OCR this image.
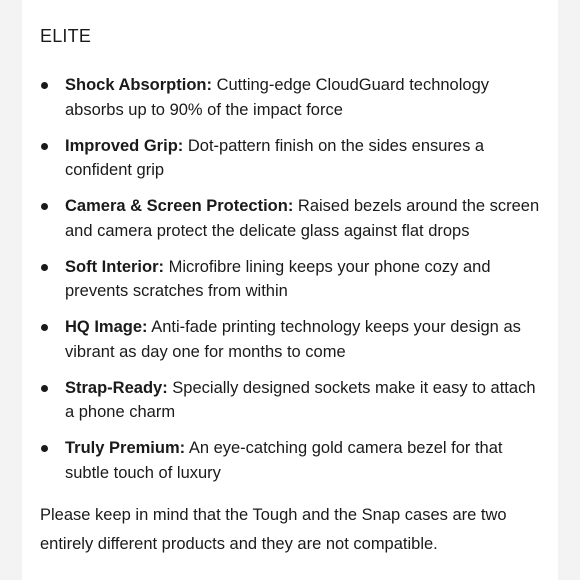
ELITE
Shock Absorption: Cutting-edge CloudGuard technology absorbs up to 90% of the impact force
Improved Grip: Dot-pattern finish on the sides ensures a confident grip
Camera & Screen Protection: Raised bezels around the screen and camera protect the delicate glass against flat drops
Soft Interior: Microfibre lining keeps your phone cozy and prevents scratches from within
HQ Image: Anti-fade printing technology keeps your design as vibrant as day one for months to come
Strap-Ready: Specially designed sockets make it easy to attach a phone charm
Truly Premium: An eye-catching gold camera bezel for that subtle touch of luxury

Please keep in mind that the Tough and the Snap cases are two entirely different products and they are not compatible.
